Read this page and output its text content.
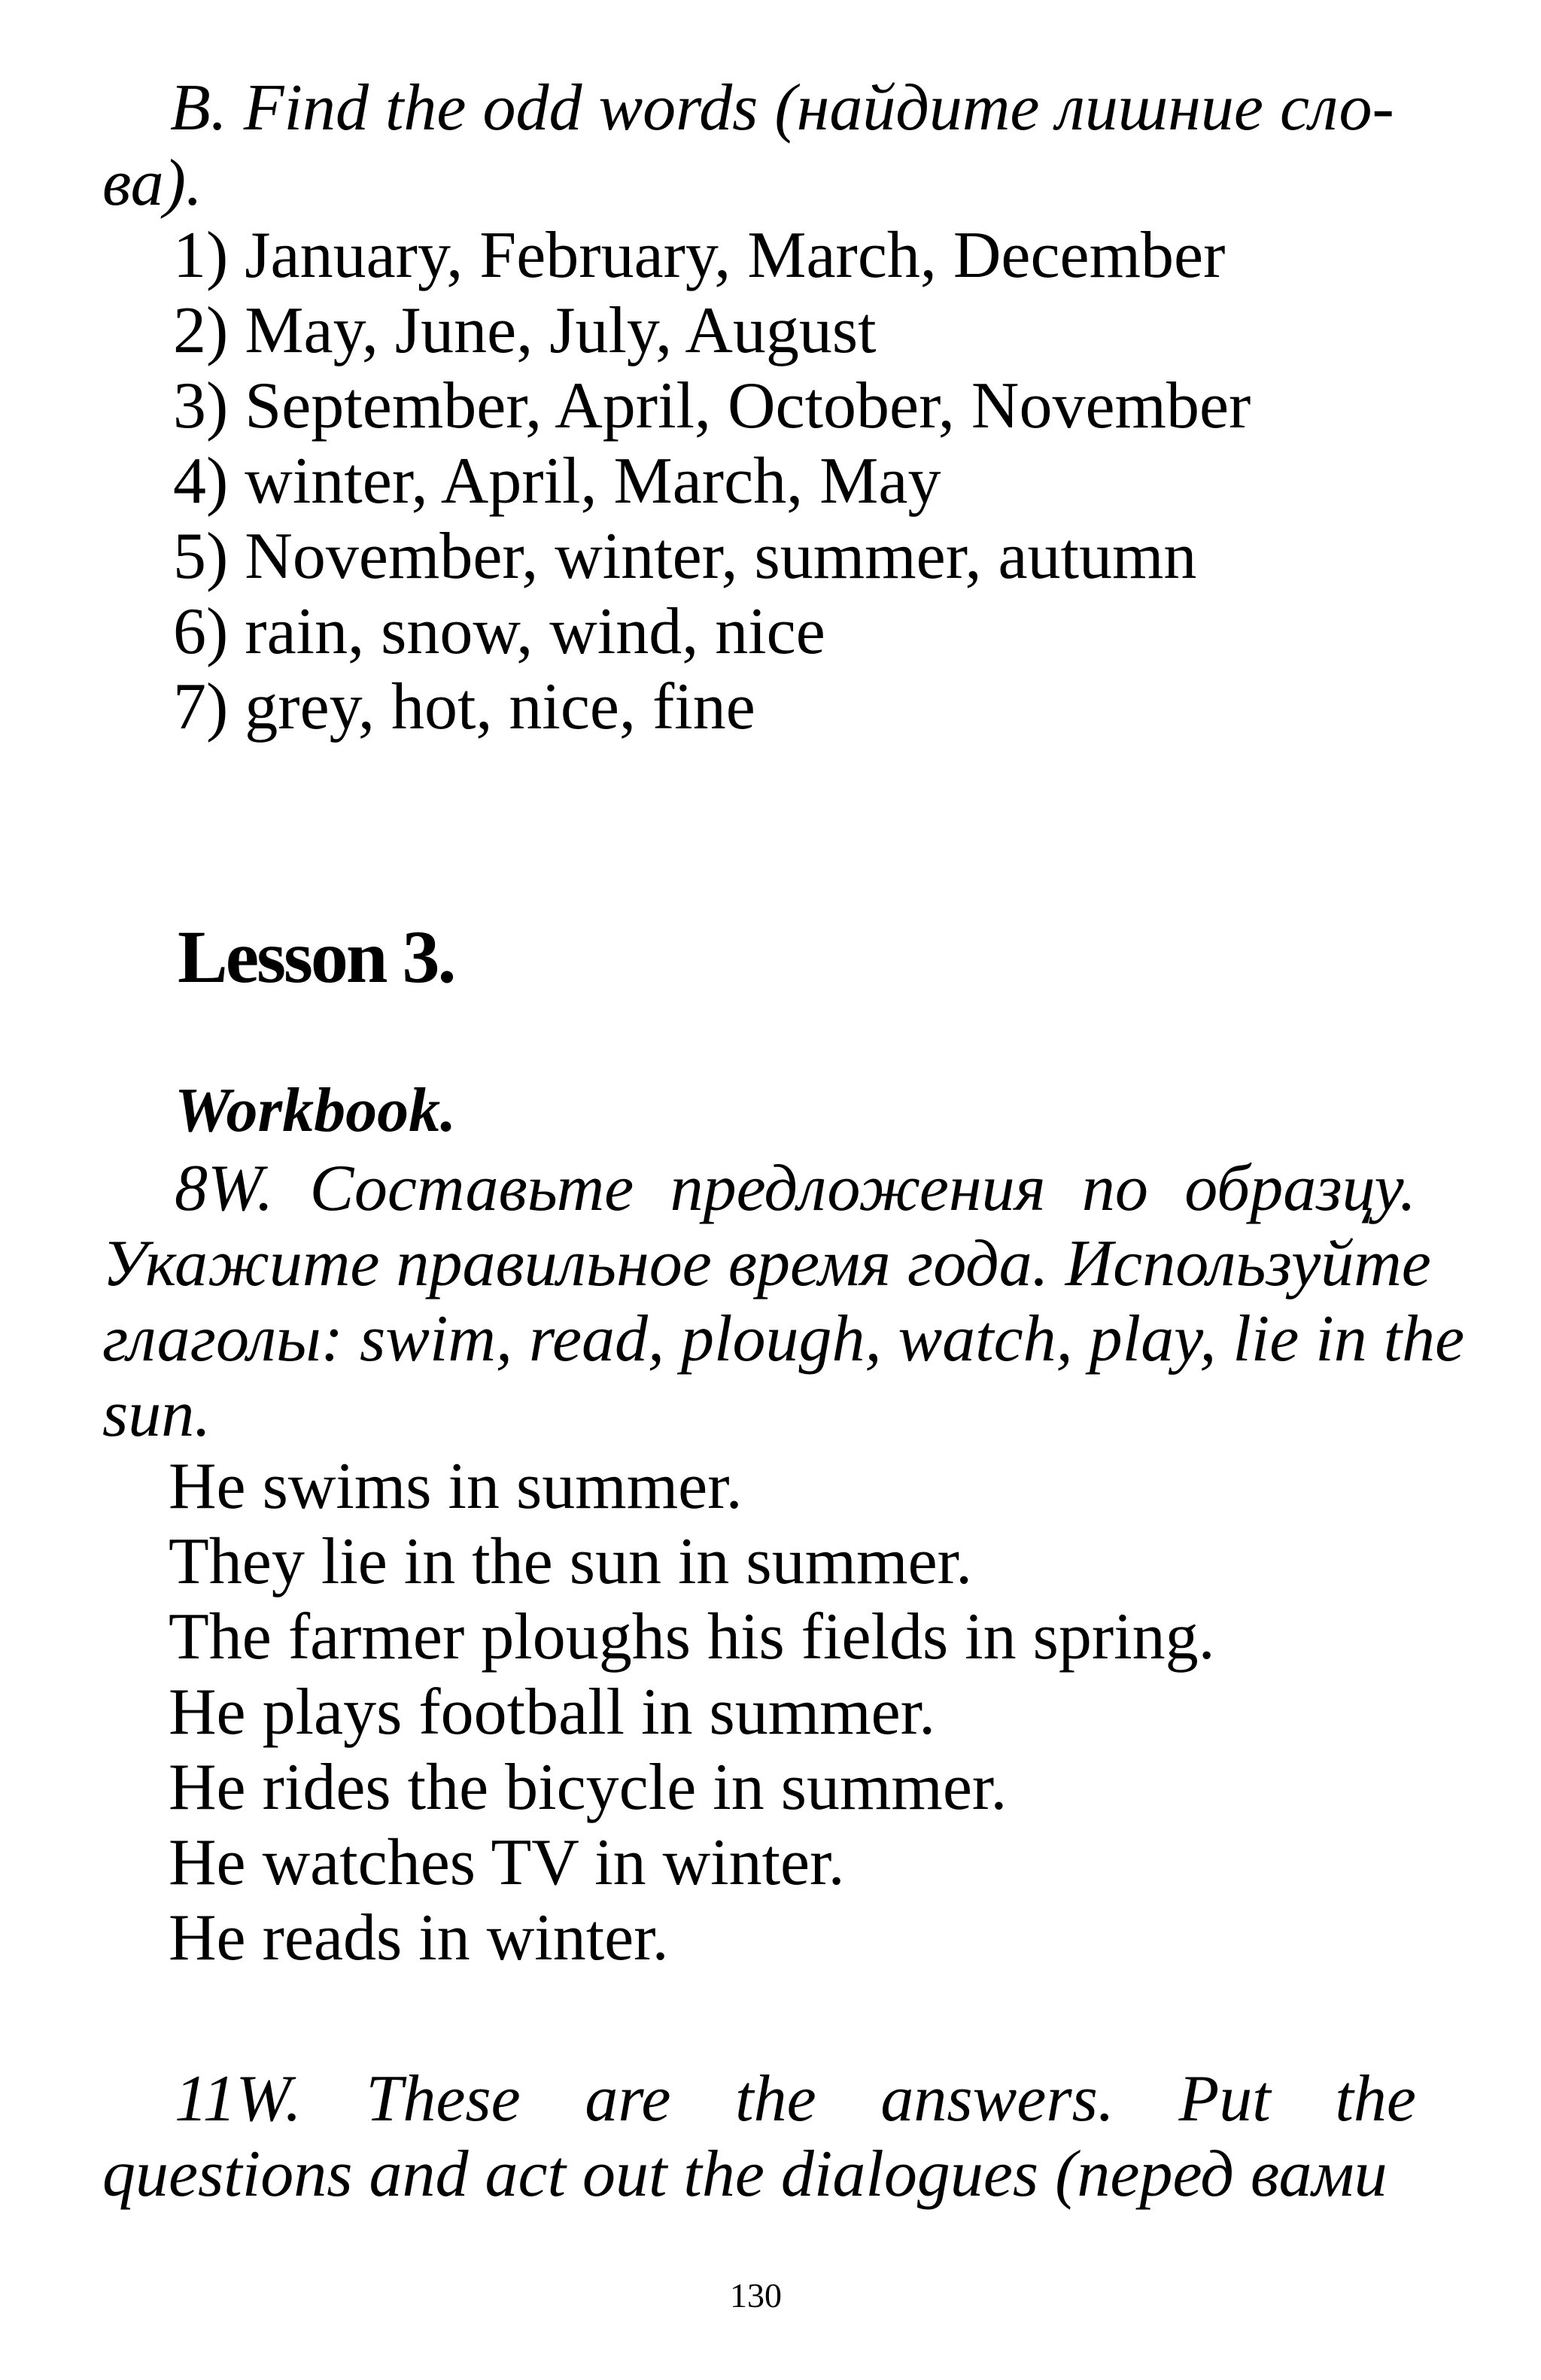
B. Find the odd words (найдите лишние сло-
ва).
1) January, February, March, December
2) May, June, July, August
3) September, April, October, November
4) winter, April, March, May
5) November, winter, summer, autumn
6) rain, snow, wind, nice
7) grey, hot, nice, fine
Lesson 3.
Workbook.
8W. Составьте предложения по образцу.
Укажите правильное время года. Используйте
глаголы: swim, read, plough, watch, play, lie in the
sun.
He swims in summer.
They lie in the sun in summer.
The farmer ploughs his fields in spring.
He plays football in summer.
He rides the bicycle in summer.
He watches TV in winter.
He reads in winter.
11W. These are the answers. Put the
questions and act out the dialogues (перед вами
130
